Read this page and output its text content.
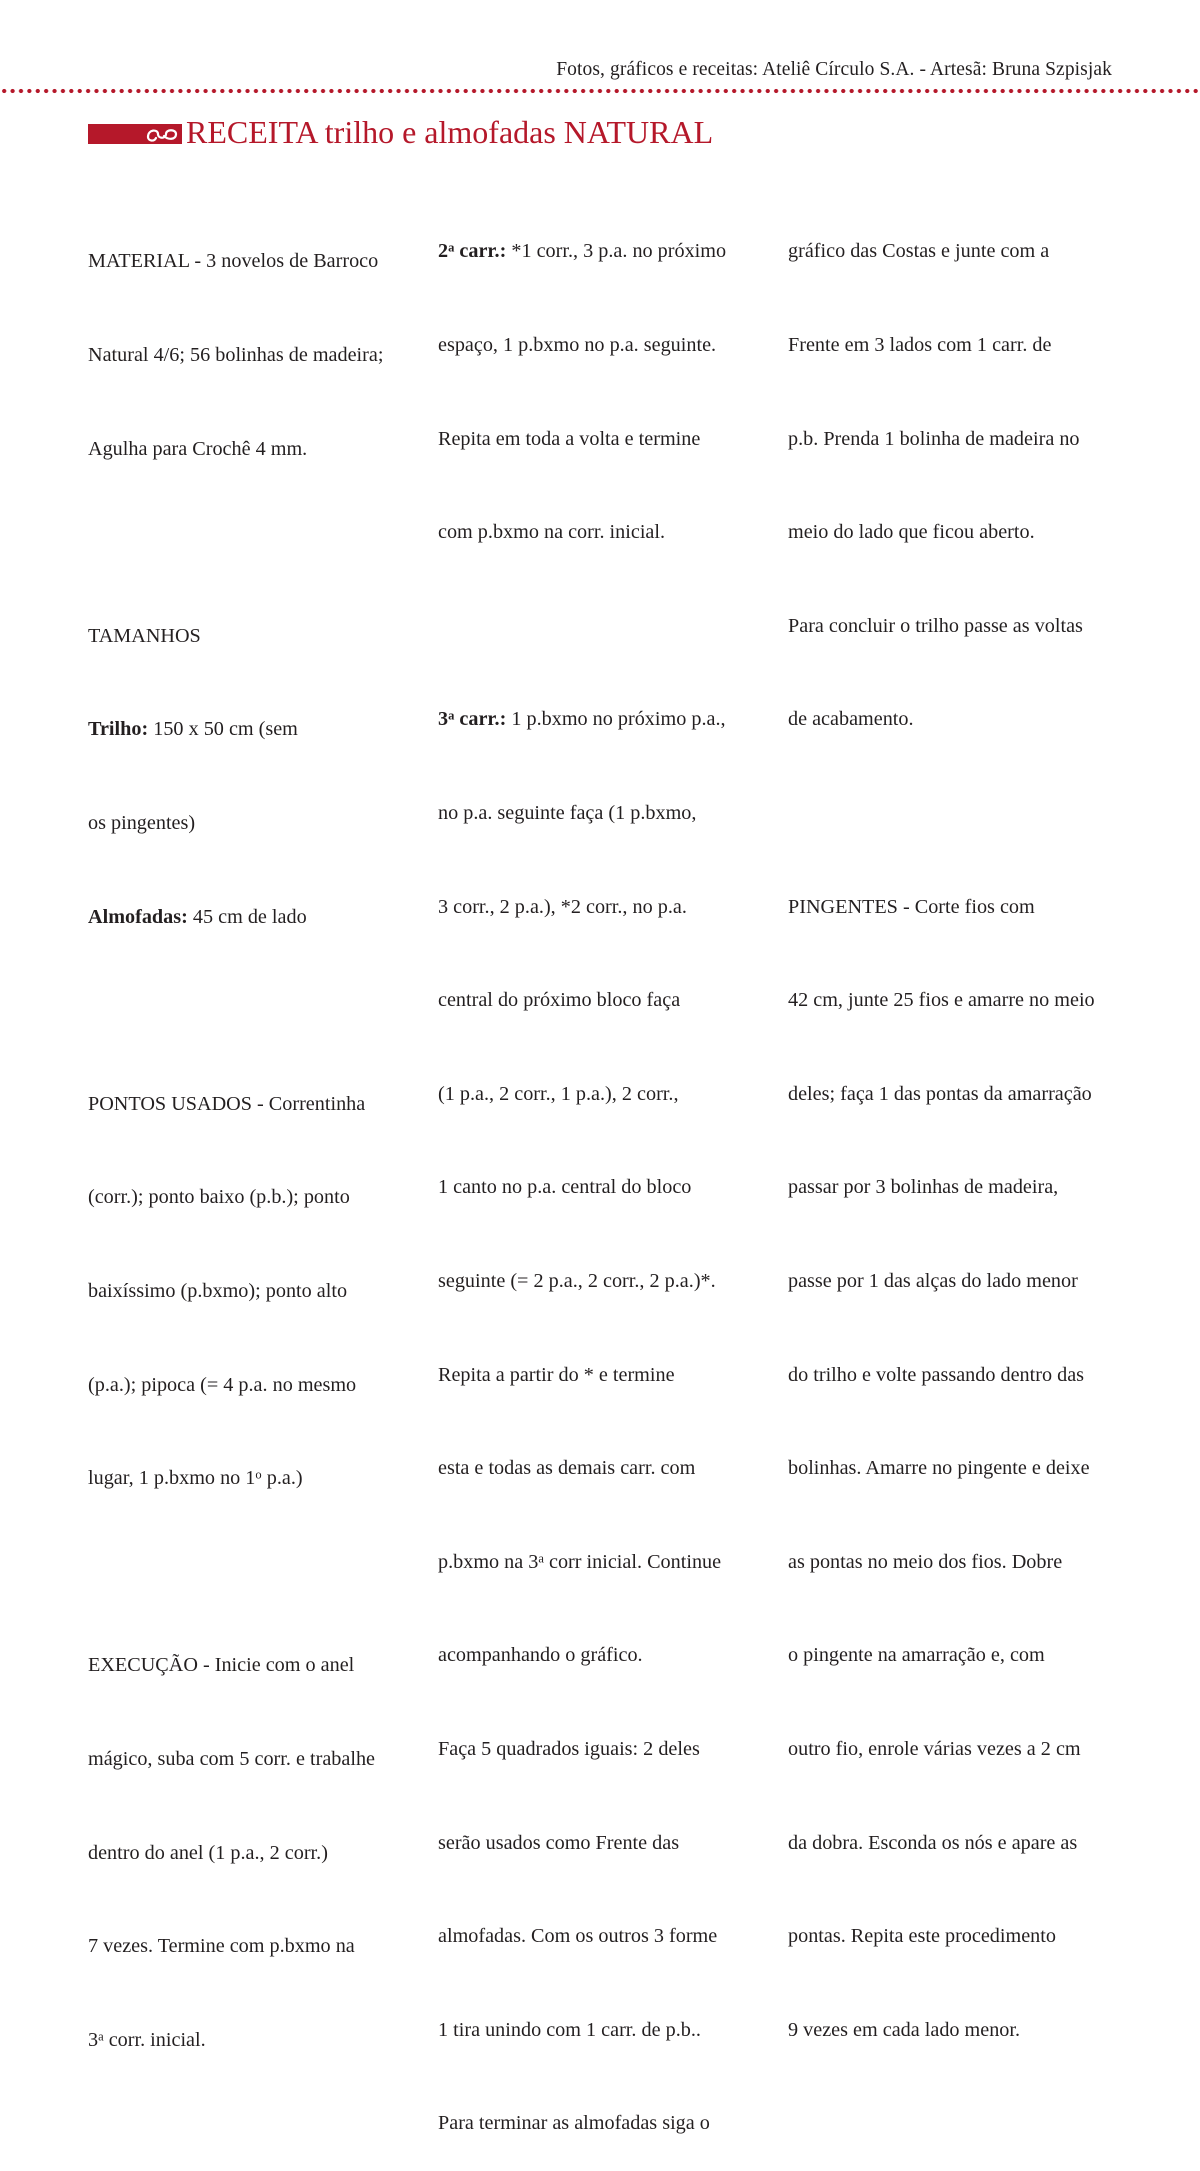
Fotos, gráficos e receitas: Ateliê Círculo S.A. - Artesã: Bruna Szpisjak
RECEITA trilho e almofadas NATURAL

MATERIAL - 3 novelos de Barroco

Natural 4/6; 56 bolinhas de madeira;

Agulha para Crochê 4 mm.

TAMANHOS

Trilho: 150 x 50 cm (sem

os pingentes)

Almofadas: 45 cm de lado

PONTOS USADOS - Correntinha

(corr.); ponto baixo (p.b.); ponto

baixíssimo (p.bxmo); ponto alto

(p.a.); pipoca (= 4 p.a. no mesmo

lugar, 1 p.bxmo no 1$^o$ p.a.)

EXECUÇÃO - Inicie com o anel

mágico, suba com 5 corr. e trabalhe

dentro do anel (1 p.a., 2 corr.)

7 vezes. Termine com p.bxmo na

3$^a$ corr. inicial.

2$^a$ carr.: *1 corr., 3 p.a. no próximo

espaço, 1 p.bxmo no p.a. seguinte.

Repita em toda a volta e termine

com p.bxmo na corr. inicial.

3$^a$ carr.: 1 p.bxmo no próximo p.a.,

no p.a. seguinte faça (1 p.bxmo,

3 corr., 2 p.a.), *2 corr., no p.a.

central do próximo bloco faça

(1 p.a., 2 corr., 1 p.a.), 2 corr.,

1 canto no p.a. central do bloco

seguinte (= 2 p.a., 2 corr., 2 p.a.)*.

Repita a partir do * e termine

esta e todas as demais carr. com

p.bxmo na 3$^a$ corr inicial. Continue

acompanhando o gráfico.

Faça 5 quadrados iguais: 2 deles

serão usados como Frente das

almofadas. Com os outros 3 forme

1 tira unindo com 1 carr. de p.b..

Para terminar as almofadas siga o

gráfico das Costas e junte com a

Frente em 3 lados com 1 carr. de

p.b. Prenda 1 bolinha de madeira no

meio do lado que ficou aberto.

Para concluir o trilho passe as voltas

de acabamento.

PINGENTES - Corte fios com

42 cm, junte 25 fios e amarre no meio

deles; faça 1 das pontas da amarração

passar por 3 bolinhas de madeira,

passe por 1 das alças do lado menor

do trilho e volte passando dentro das

bolinhas. Amarre no pingente e deixe

as pontas no meio dos fios. Dobre

o pingente na amarração e, com

outro fio, enrole várias vezes a 2 cm

da dobra. Esconda os nós e apare as

pontas. Repita este procedimento

9 vezes em cada lado menor.
